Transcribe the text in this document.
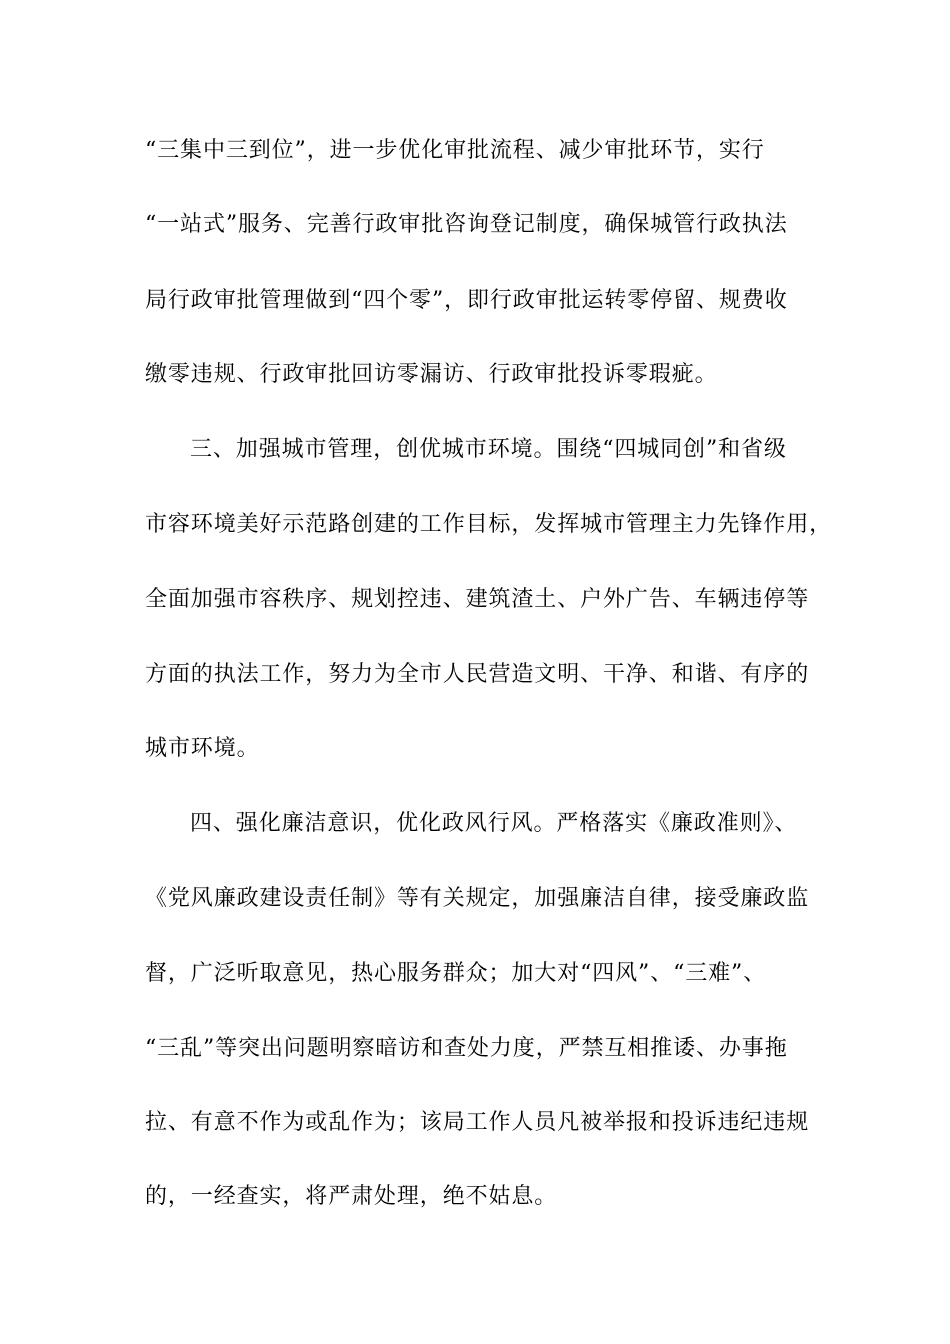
“三集中三到位”，进一步优化审批流程、减少审批环节，实行
“一站式”服务、完善行政审批咨询登记制度，确保城管行政执法
局行政审批管理做到“四个零”，即行政审批运转零停留、规费收
缴零违规、行政审批回访零漏访、行政审批投诉零瑕疵。
三、加强城市管理，创优城市环境。围绕“四城同创”和省级
市容环境美好示范路创建的工作目标，发挥城市管理主力先锋作用，
全面加强市容秩序、规划控违、建筑渣土、户外广告、车辆违停等
方面的执法工作，努力为全市人民营造文明、干净、和谐、有序的
城市环境。
四、强化廉洁意识，优化政风行风。严格落实《廉政准则》、
《党风廉政建设责任制》等有关规定，加强廉洁自律，接受廉政监
督，广泛听取意见，热心服务群众；加大对“四风”、“三难”、
“三乱”等突出问题明察暗访和查处力度，严禁互相推诿、办事拖
拉、有意不作为或乱作为；该局工作人员凡被举报和投诉违纪违规
的，一经查实，将严肃处理，绝不姑息。
